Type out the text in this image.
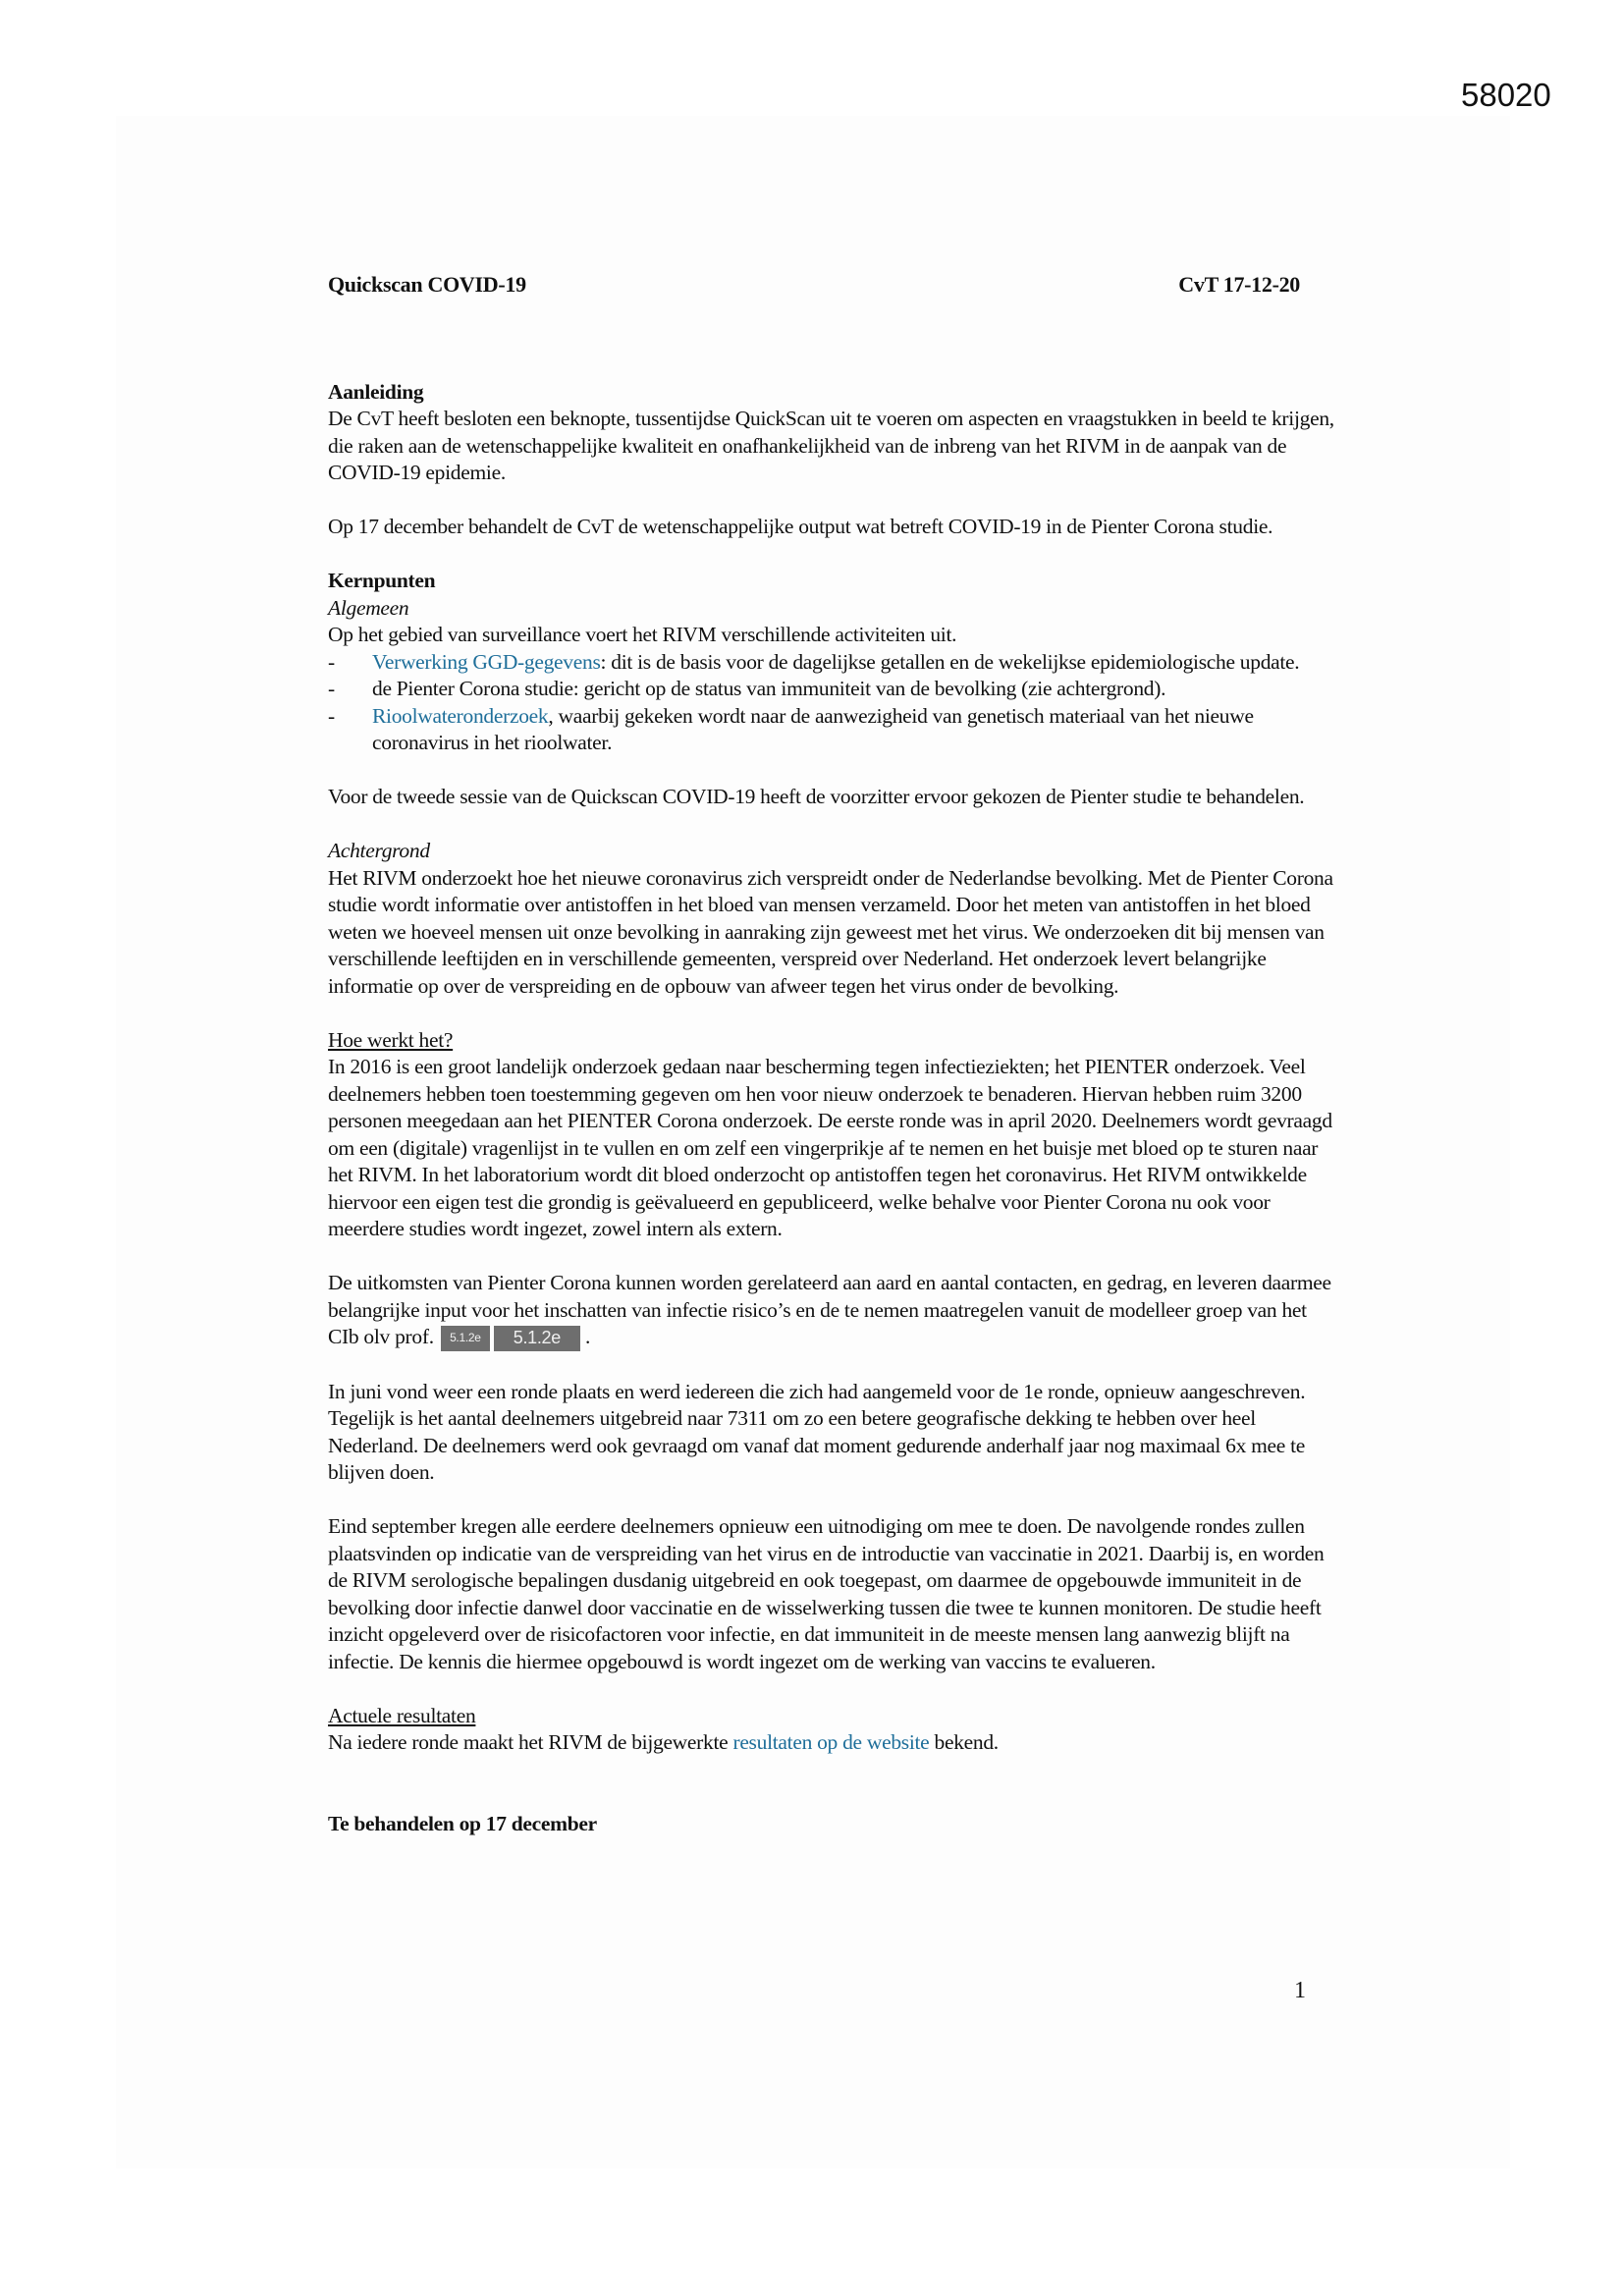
58020
Quickscan COVID-19	CvT 17-12-20

Aanleiding

De CvT heeft besloten een beknopte, tussentijdse QuickScan uit te voeren om aspecten en vraagstukken in beeld te krijgen, die raken aan de wetenschappelijke kwaliteit en onafhankelijkheid van de inbreng van het RIVM in de aanpak van de COVID-19 epidemie.

Op 17 december behandelt de CvT de wetenschappelijke output wat betreft COVID-19 in de Pienter Corona studie.

Kernpunten

Algemeen

Op het gebied van surveillance voert het RIVM verschillende activiteiten uit.

- Verwerking GGD-gegevens: dit is de basis voor de dagelijkse getallen en de wekelijkse epidemiologische update.
- de Pienter Corona studie: gericht op de status van immuniteit van de bevolking (zie achtergrond).
- Rioolwateronderzoek, waarbij gekeken wordt naar de aanwezigheid van genetisch materiaal van het nieuwe coronavirus in het rioolwater.

Voor de tweede sessie van de Quickscan COVID-19 heeft de voorzitter ervoor gekozen de Pienter studie te behandelen.

Achtergrond

Het RIVM onderzoekt hoe het nieuwe coronavirus zich verspreidt onder de Nederlandse bevolking. Met de Pienter Corona studie wordt informatie over antistoffen in het bloed van mensen verzameld. Door het meten van antistoffen in het bloed weten we hoeveel mensen uit onze bevolking in aanraking zijn geweest met het virus. We onderzoeken dit bij mensen van verschillende leeftijden en in verschillende gemeenten, verspreid over Nederland. Het onderzoek levert belangrijke informatie op over de verspreiding en de opbouw van afweer tegen het virus onder de bevolking.

Hoe werkt het?

In 2016 is een groot landelijk onderzoek gedaan naar bescherming tegen infectieziekten; het PIENTER onderzoek. Veel deelnemers hebben toen toestemming gegeven om hen voor nieuw onderzoek te benaderen. Hiervan hebben ruim 3200 personen meegedaan aan het PIENTER Corona onderzoek. De eerste ronde was in april 2020. Deelnemers wordt gevraagd om een (digitale) vragenlijst in te vullen en om zelf een vingerprikje af te nemen en het buisje met bloed op te sturen naar het RIVM. In het laboratorium wordt dit bloed onderzocht op antistoffen tegen het coronavirus. Het RIVM ontwikkelde hiervoor een eigen test die grondig is geëvalueerd en gepubliceerd, welke behalve voor Pienter Corona nu ook voor meerdere studies wordt ingezet, zowel intern als extern.

De uitkomsten van Pienter Corona kunnen worden gerelateerd aan aard en aantal contacten, en gedrag, en leveren daarmee belangrijke input voor het inschatten van infectie risico’s en de te nemen maatregelen vanuit de modelleer groep van het CIb olv prof. 5.1.2e 5.1.2e .

In juni vond weer een ronde plaats en werd iedereen die zich had aangemeld voor de 1e ronde, opnieuw aangeschreven. Tegelijk is het aantal deelnemers uitgebreid naar 7311 om zo een betere geografische dekking te hebben over heel Nederland. De deelnemers werd ook gevraagd om vanaf dat moment gedurende anderhalf jaar nog maximaal 6x mee te blijven doen.

Eind september kregen alle eerdere deelnemers opnieuw een uitnodiging om mee te doen. De navolgende rondes zullen plaatsvinden op indicatie van de verspreiding van het virus en de introductie van vaccinatie in 2021. Daarbij is, en worden de RIVM serologische bepalingen dusdanig uitgebreid en ook toegepast, om daarmee de opgebouwde immuniteit in de bevolking door infectie danwel door vaccinatie en de wisselwerking tussen die twee te kunnen monitoren. De studie heeft inzicht opgeleverd over de risicofactoren voor infectie, en dat immuniteit in de meeste mensen lang aanwezig blijft na infectie. De kennis die hiermee opgebouwd is wordt ingezet om de werking van vaccins te evalueren.

Actuele resultaten

Na iedere ronde maakt het RIVM de bijgewerkte resultaten op de website bekend.

Te behandelen op 17 december

1
